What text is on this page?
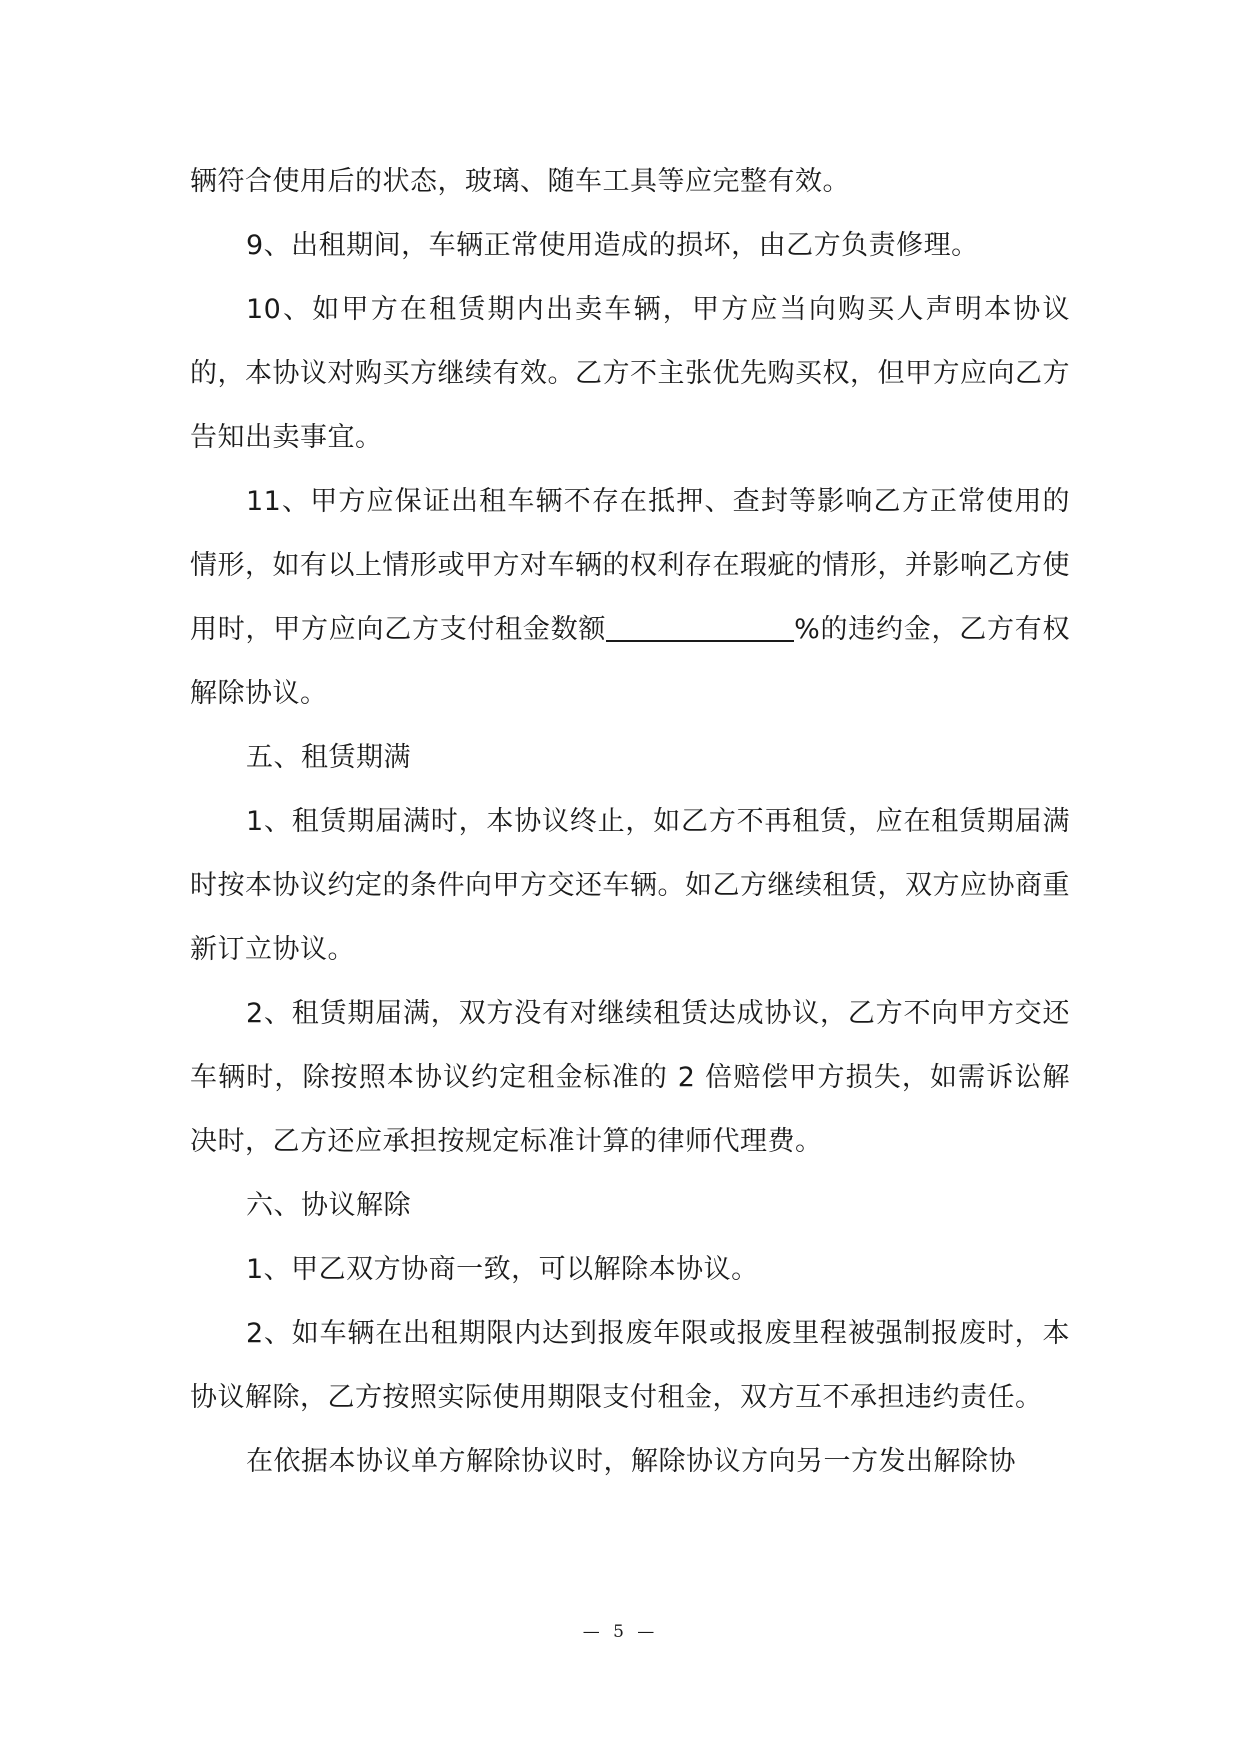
辆符合使用后的状态，玻璃、随车工具等应完整有效。

9、出租期间，车辆正常使用造成的损坏，由乙方负责修理。

10、如甲方在租赁期内出卖车辆，甲方应当向购买人声明本协议的，本协议对购买方继续有效。乙方不主张优先购买权，但甲方应向乙方告知出卖事宜。

11、甲方应保证出租车辆不存在抵押、查封等影响乙方正常使用的情形，如有以上情形或甲方对车辆的权利存在瑕疵的情形，并影响乙方使用时，甲方应向乙方支付租金数额	%的违约金，乙方有权解除协议。

五、租赁期满

1、租赁期届满时，本协议终止，如乙方不再租赁，应在租赁期届满时按本协议约定的条件向甲方交还车辆。如乙方继续租赁，双方应协商重新订立协议。

2、租赁期届满，双方没有对继续租赁达成协议，乙方不向甲方交还车辆时，除按照本协议约定租金标准的 2 倍赔偿甲方损失，如需诉讼解决时，乙方还应承担按规定标准计算的律师代理费。

六、协议解除

1、甲乙双方协商一致，可以解除本协议。

2、如车辆在出租期限内达到报废年限或报废里程被强制报废时，本协议解除，乙方按照实际使用期限支付租金，双方互不承担违约责任。

在依据本协议单方解除协议时，解除协议方向另一方发出解除协

— 5 —
